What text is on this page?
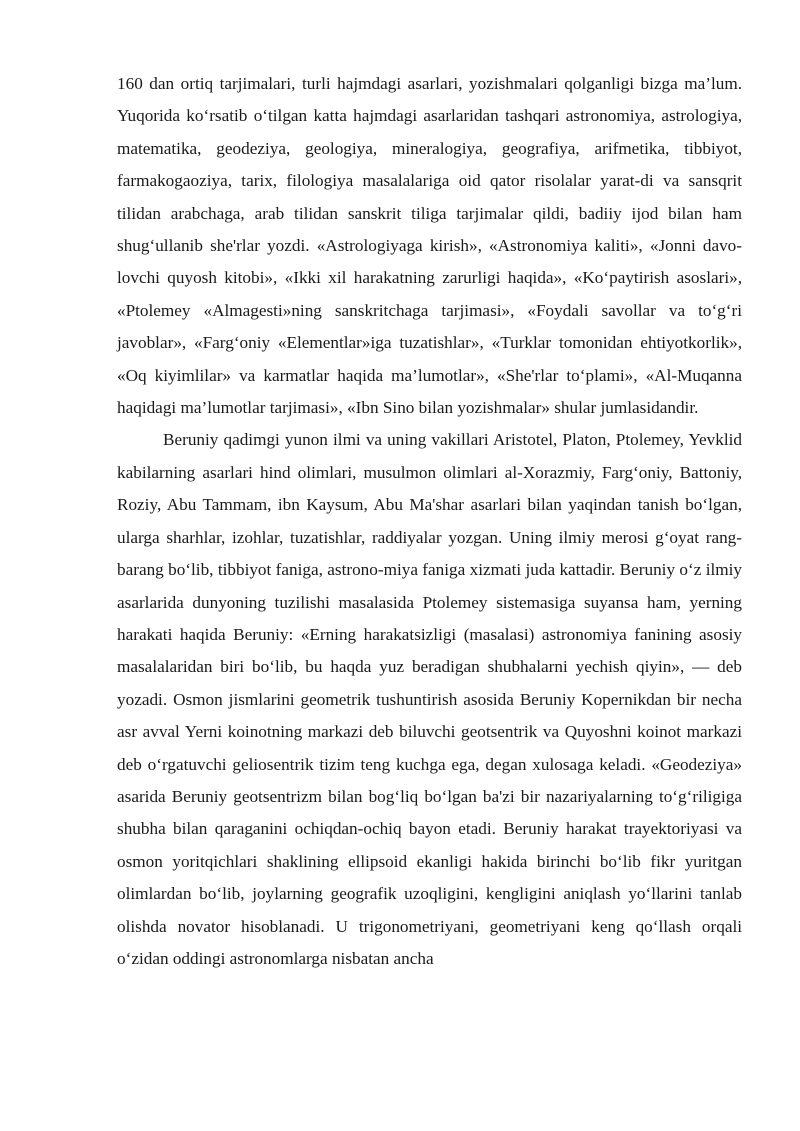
160 dan ortiq tarjimalari, turli hajmdagi asarlari, yozishmalari qolganligi bizga ma’lum. Yuqorida ko‘rsatib o‘tilgan katta hajmdagi asarlaridan tashqari astronomiya, astrologiya, matematika, geodeziya, geologiya, mineralogiya, geografiya, arifmetika, tibbiyot, farmakogaoziya, tarix, filologiya masalalariga oid qator risolalar yarat-di va sansqrit tilidan arabchaga, arab tilidan sanskrit tiliga tarjimalar qildi, badiiy ijod bilan ham shug‘ullanib she'rlar yozdi. «Astrologiyaga kirish», «Astronomiya kaliti», «Jonni davo-lovchi quyosh kitobi», «Ikki xil harakatning zarurligi haqida», «Ko‘paytirish asoslari», «Ptolemey «Almagesti»ning sanskritchaga tarjimasi», «Foydali savollar va to‘g‘ri javoblar», «Farg‘oniy «Elementlar»iga tuzatishlar», «Turklar tomonidan ehtiyotkorlik», «Oq kiyimlilar» va karmatlar haqida ma’lumotlar», «She'rlar to‘plami», «Al-Muqanna haqidagi ma’lumotlar tarjimasi», «Ibn Sino bilan yozishmalar» shular jumlasidandir.

Beruniy qadimgi yunon ilmi va uning vakillari Aristotel, Platon, Ptolemey, Yevklid kabilarning asarlari hind olimlari, musulmon olimlari al-Xorazmiy, Farg‘oniy, Battoniy, Roziy, Abu Tammam, ibn Kaysum, Abu Ma'shar asarlari bilan yaqindan tanish bo‘lgan, ularga sharhlar, izohlar, tuzatishlar, raddiyalar yozgan. Uning ilmiy merosi g‘oyat rang-barang bo‘lib, tibbiyot faniga, astrono-miya faniga xizmati juda kattadir. Beruniy o‘z ilmiy asarlarida dunyoning tuzilishi masalasida Ptolemey sistemasiga suyansa ham, yerning harakati haqida Beruniy: «Erning harakatsizligi (masalasi) astronomiya fanining asosiy masalalaridan biri bo‘lib, bu haqda yuz beradigan shubhalarni yechish qiyin», — deb yozadi. Osmon jismlarini geometrik tushuntirish asosida Beruniy Kopernikdan bir necha asr avval Yerni koinotning markazi deb biluvchi geotsentrik va Quyoshni koinot markazi deb o‘rgatuvchi geliosentrik tizim teng kuchga ega, degan xulosaga keladi. «Geodeziya» asarida Beruniy geotsentrizm bilan bog‘liq bo‘lgan ba'zi bir nazariyalarning to‘g‘riligiga shubha bilan qaraganini ochiqdan-ochiq bayon etadi. Beruniy harakat trayektoriyasi va osmon yoritqichlari shaklining ellipsoid ekanligi hakida birinchi bo‘lib fikr yuritgan olimlardan bo‘lib, joylarning geografik uzoqligini, kengligini aniqlash yo‘llarini tanlab olishda novator hisoblanadi. U trigonometriyani, geometriyani keng qo‘llash orqali o‘zidan oddingi astronomlarga nisbatan ancha
